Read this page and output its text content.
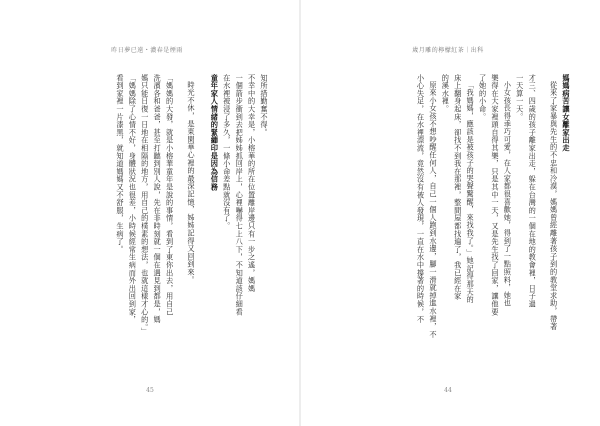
昨日夢已遠・濃春是煙雨

知所措勤奮不得。

不幸中的大幸是，小榕華的所在位置離岸邊只有一步之遙，媽媽

一個箭步衝到去把姊姊抓回岸上，心裡嚇得七上八下，不知道該仔細看

在水裡被浸了多久，一條小命差點就沒有了。

童年家人情緒的緊繃印是因為信務

時光不休，是東閑華心裡的最深記憶，姊姊記得又回到來。

「媽媽的大發，就是小榕華童年是說的事情，看到了東你出去，用自己

洗濱各和爸爸，甚至打聽到別人說，先在非時刻就一個在遇見到都是，媽

媽只能日復一日地在相隔的地方，用自己的樸素的想法，也就這樣才心的。」

「媽媽除了心情不好，身體狀況也很差，小時候經常生病而外出回到家，

看到家裡一片漆黑，就知道媽媽又不舒服，生病了。

45
歲月雕的檸檬紅茶｜出科

媽媽病苦讓女離家出走

從來了家暴與先生的不忠和冷漠，媽媽曾經離著孩子到的教堂求助，帶著

才三、四歲的孩子離家出走，躲在台灣的一個在地的教會裡，日子過

一天算一天。

小女孩長得乖巧可愛，在人家都很喜歡她，得到了一點照料，她也

樂得在大家裡頭自得其樂，只是其中一天，又是先生找了回家，讓他要

了她的小命。

「我媽媽，應該是被孩子的哭聲驚醒，來找我了。」她記得那天的

床上翻身起床，卻找不到我在那裡，整間屋都找遍了，我已經在家

的溪水裡。

原來小女孩不想吵醒任何人，自己一個人跑到水邊，腳一滑就掉進水裡，不

小心失足，在水裡漂流，竟然沒有被人發現，一直在水中撐著的時候，不

44
